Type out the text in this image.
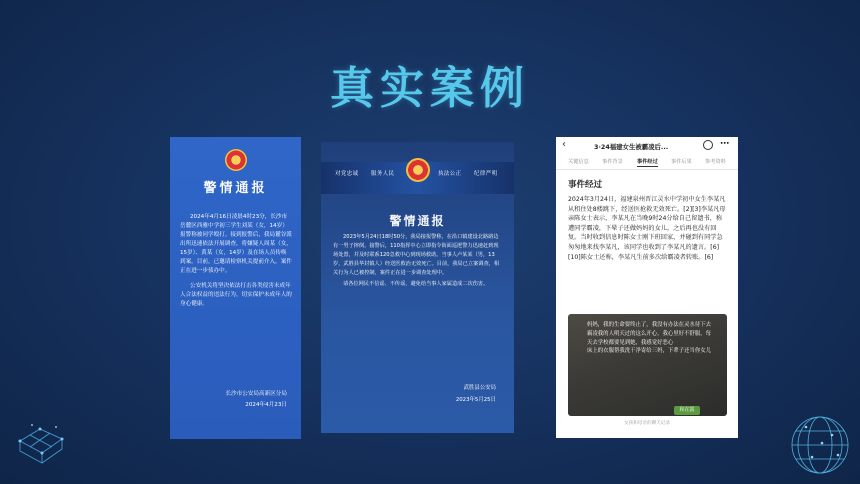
真实案例
警情通报

2024年4月16日凌晨4时23分，长沙市岳麓区西雅中学初三学生刘某（女，14岁）报警称被同学殴打。接到报警后，我局麓谷派出所迅速依法开展调查，将嫌疑人周某（女，15岁）、黄某（女，14岁）及在场人员传唤到案。目前，已邀请检察机关提前介入。案件正在进一步侦办中。

公安机关将坚决依法打击各类侵害未成年人合法权益的违法行为，切实保护未成年人的身心健康。

长沙市公安局高新区分局
2024年4月23日
对党忠诚 服务人民	执法公正 纪律严明
警情通报

2023年5月24日18时50分，我局接报警称，在沿口镇建设北路路边有一男子摔倒。接警后，110指挥中心立即指令街面巡逻警力迅速赶到现场处置，并及时联系120急救中心到现场救助。当事人卢某某（男，13岁，武胜县华封镇人）经送医救治无效死亡。目前，我局已立案调查，相关行为人已被控制，案件正在进一步调查处理中。

请各位网民不信谣、不传谣，避免给当事人家属造成二次伤害。

武胜县公安局
2023年5月25日
‹	3·24福建女生被霸凌后...	⋯
关键信息	事件背景	事件经过	事件后果	参考资料
事件经过

2024年3月24日，福建泉州晋江灵水中学初中女生李某凡从租住处8楼跳下，经送医抢救无效死亡。[2][3]李某凡母亲陈女士表示，李某凡在当晚9时24分给自己留遗书，称遭同学霸凌，下晕子还做妈妈的女儿，之后再也没有回复。当时收到信息时陈女士刚下班回家，并碰到有同学急匆匆地来找李某凡，该同学也收到了李某凡的遗言。[6][10]陈女士还称，李某凡生前多次给霸凌者转账。[6]

妈妈，我的生命要终止了，我没有办法在灵水待下去霸凌我的人明天过的这么开心，我心里好不舒服，每天去学校都要见到她，我感觉好恶心

床上的衣服帮我洗干净寄给三妈，下辈子还当你女儿

和在露
女孩和母亲的聊天记录
